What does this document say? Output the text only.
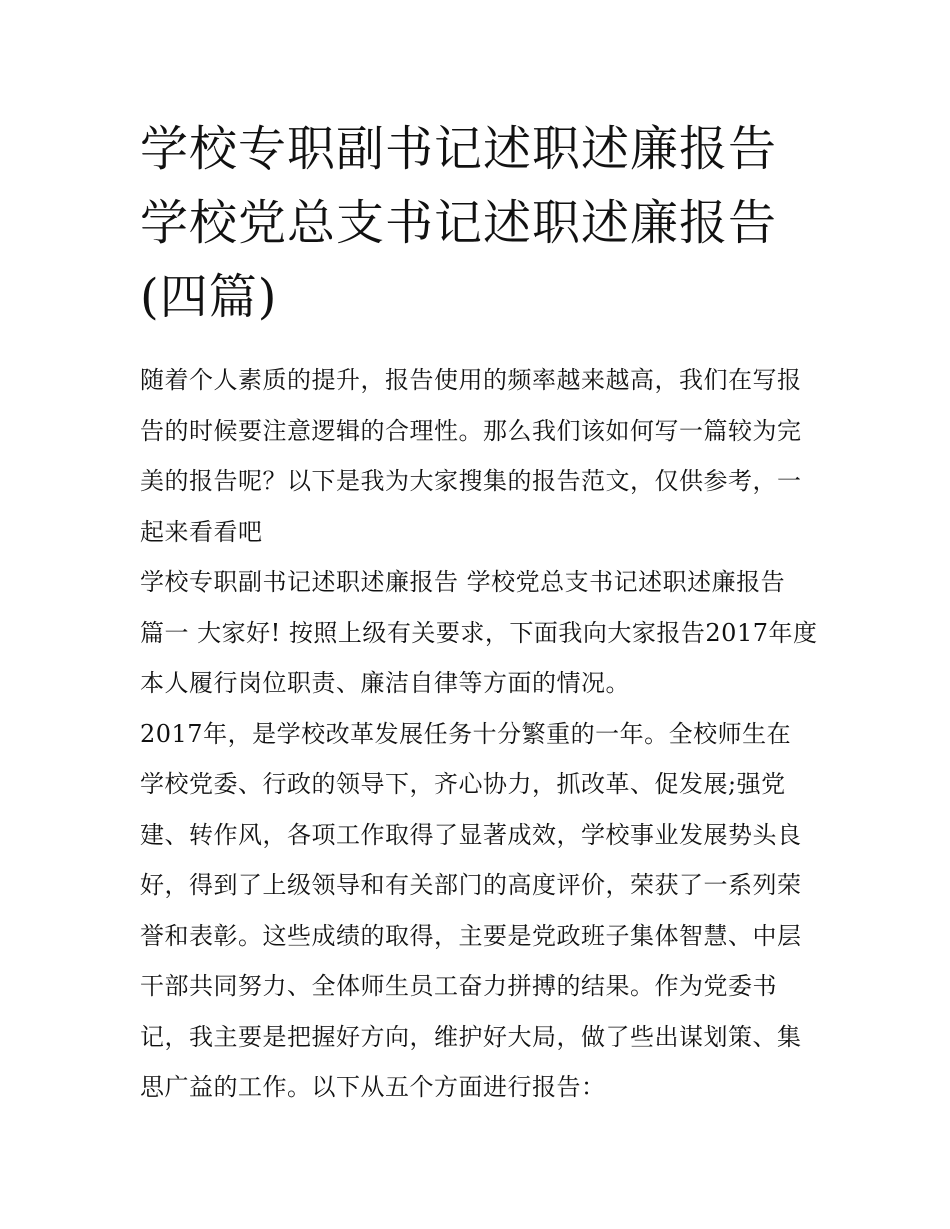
学校专职副书记述职述廉报告
学校党总支书记述职述廉报告
(四篇)

随着个人素质的提升，报告使用的频率越来越高，我们在写报
告的时候要注意逻辑的合理性。那么我们该如何写一篇较为完
美的报告呢？以下是我为大家搜集的报告范文，仅供参考，一
起来看看吧

学校专职副书记述职述廉报告 学校党总支书记述职述廉报告
篇一 大家好! 按照上级有关要求，下面我向大家报告2017年度
本人履行岗位职责、廉洁自律等方面的情况。

2017年，是学校改革发展任务十分繁重的一年。全校师生在
学校党委、行政的领导下，齐心协力，抓改革、促发展;强党
建、转作风，各项工作取得了显著成效，学校事业发展势头良
好，得到了上级领导和有关部门的高度评价，荣获了一系列荣
誉和表彰。这些成绩的取得，主要是党政班子集体智慧、中层
干部共同努力、全体师生员工奋力拼搏的结果。作为党委书
记，我主要是把握好方向，维护好大局，做了些出谋划策、集
思广益的工作。以下从五个方面进行报告：
